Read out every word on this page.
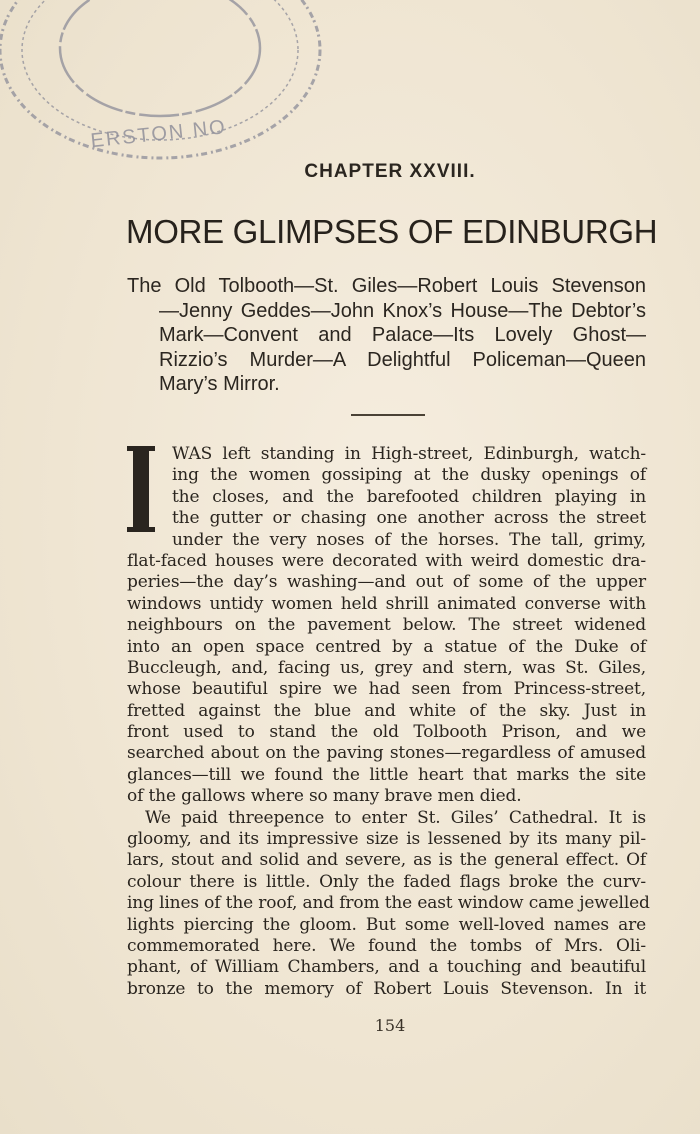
ERSTON NO
CHAPTER XXVIII.
MORE GLIMPSES OF EDINBURGH
The Old Tolbooth—St. Giles—Robert Louis Stevenson
—Jenny Geddes—John Knox’s House—The Debtor’s
Mark—Convent and Palace—Its Lovely Ghost—
Rizzio’s Murder—A Delightful Policeman—Queen
Mary’s Mirror.
WAS left standing in High-street, Edinburgh, watch-
ing the women gossiping at the dusky openings of
the closes, and the barefooted children playing in
the gutter or chasing one another across the street
under the very noses of the horses. The tall, grimy,
flat-faced houses were decorated with weird domestic dra-
peries—the day’s washing—and out of some of the upper
windows untidy women held shrill animated converse with
neighbours on the pavement below. The street widened
into an open space centred by a statue of the Duke of
Buccleugh, and, facing us, grey and stern, was St. Giles,
whose beautiful spire we had seen from Princess-street,
fretted against the blue and white of the sky. Just in
front used to stand the old Tolbooth Prison, and we
searched about on the paving stones—regardless of amused
glances—till we found the little heart that marks the site
of the gallows where so many brave men died.
We paid threepence to enter St. Giles’ Cathedral. It is
gloomy, and its impressive size is lessened by its many pil-
lars, stout and solid and severe, as is the general effect. Of
colour there is little. Only the faded flags broke the curv-
ing lines of the roof, and from the east window came jewelled
lights piercing the gloom. But some well-loved names are
commemorated here. We found the tombs of Mrs. Oli-
phant, of William Chambers, and a touching and beautiful
bronze to the memory of Robert Louis Stevenson. In it
154
